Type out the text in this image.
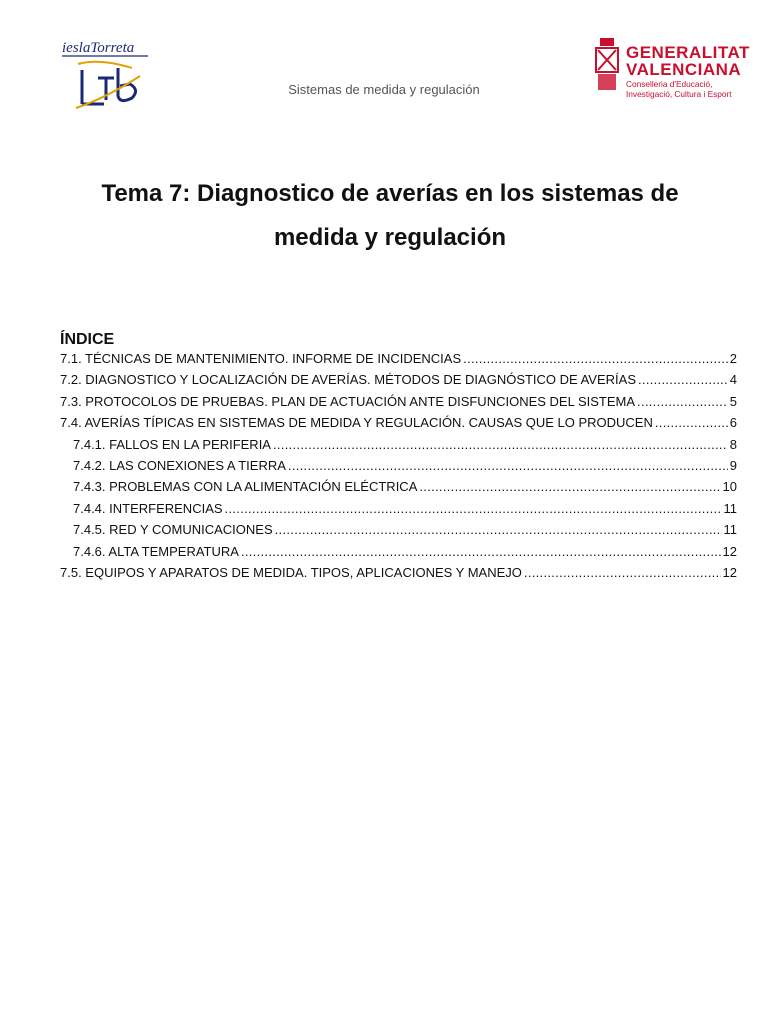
ieslaTorreta	GENERALITAT
VALENCIANA
Conselleria d'Educació,
Investigació, Cultura i Esport
Sistemas de medida y regulación
Tema 7: Diagnostico de averías en los sistemas de
medida y regulación
ÍNDICE
7.1. TÉCNICAS DE MANTENIMIENTO. INFORME DE INCIDENCIAS .....	2
7.2. DIAGNOSTICO Y LOCALIZACIÓN DE AVERÍAS. MÉTODOS DE DIAGNÓSTICO DE AVERÍAS .....	4
7.3. PROTOCOLOS DE PRUEBAS. PLAN DE ACTUACIÓN ANTE DISFUNCIONES DEL SISTEMA .....	5
7.4. AVERÍAS TÍPICAS EN SISTEMAS DE MEDIDA Y REGULACIÓN. CAUSAS QUE LO PRODUCEN .....	6
7.4.1. FALLOS EN LA PERIFERIA .....	8
7.4.2. LAS CONEXIONES A TIERRA .....	9
7.4.3. PROBLEMAS CON LA ALIMENTACIÓN ELÉCTRICA .....	10
7.4.4. INTERFERENCIAS .....	11
7.4.5. RED Y COMUNICACIONES .....	11
7.4.6. ALTA TEMPERATURA .....	12
7.5. EQUIPOS Y APARATOS DE MEDIDA. TIPOS, APLICACIONES Y MANEJO .....	12
